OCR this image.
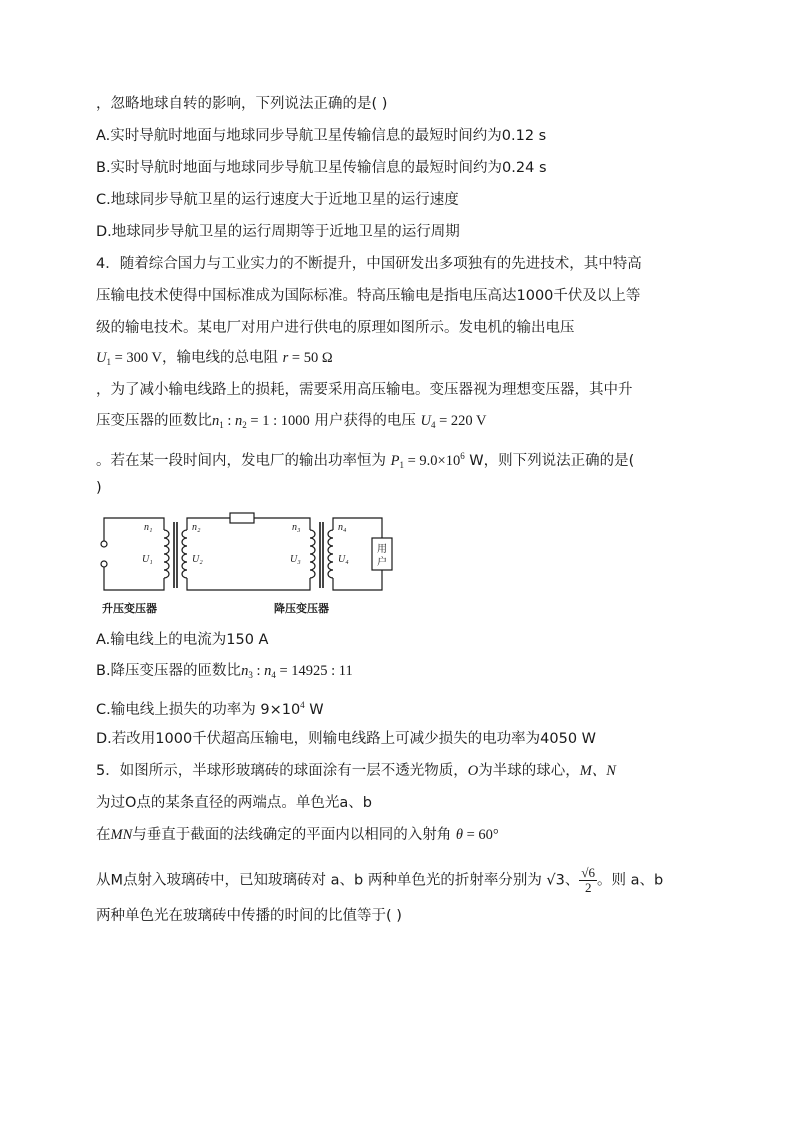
，忽略地球自转的影响，下列说法正确的是( )
A.实时导航时地面与地球同步导航卫星传输信息的最短时间约为0.12 s
B.实时导航时地面与地球同步导航卫星传输信息的最短时间约为0.24 s
C.地球同步导航卫星的运行速度大于近地卫星的运行速度
D.地球同步导航卫星的运行周期等于近地卫星的运行周期
4．随着综合国力与工业实力的不断提升，中国研发出多项独有的先进技术，其中特高
压输电技术使得中国标准成为国际标准。特高压输电是指电压高达1000千伏及以上等
级的输电技术。某电厂对用户进行供电的原理如图所示。发电机的输出电压
$U_1 = 300$ V，输电线的总电阻 r = 50 Ω
，为了减小输电线路上的损耗，需要采用高压输电。变压器视为理想变压器，其中升
压变压器的匝数比$n_1$ : $n_2 = 1$ : 1000 用户获得的电压 $U_4 = 220$ V
。若在某一段时间内，发电厂的输出功率恒为 $P_1 = 9.0\times 10^6$ W，则下列说法正确的是(
)
n₁
U₁
n₂
U₂
n₃
U₃
n₄
U₄
用
户
升压变压器	降压变压器
A.输电线上的电流为150 A
B.降压变压器的匝数比$n_3$ : $n_4 = 14925$ : 11
C.输电线上损失的功率为 $9\times 10^4$ W
D.若改用1000千伏超高压输电，则输电线路上可减少损失的电功率为4050 W
5．如图所示，半球形玻璃砖的球面涂有一层不透光物质，O为半球的球心，M、N
为过O点的某条直径的两端点。单色光a、b
在MN与垂直于截面的法线确定的平面内以相同的入射角 θ = 60°
从M点射入玻璃砖中，已知玻璃砖对 a、b 两种单色光的折射率分别为 √3、 $\frac{√6}{2}$ 。则 a、b
两种单色光在玻璃砖中传播的时间的比值等于( )
